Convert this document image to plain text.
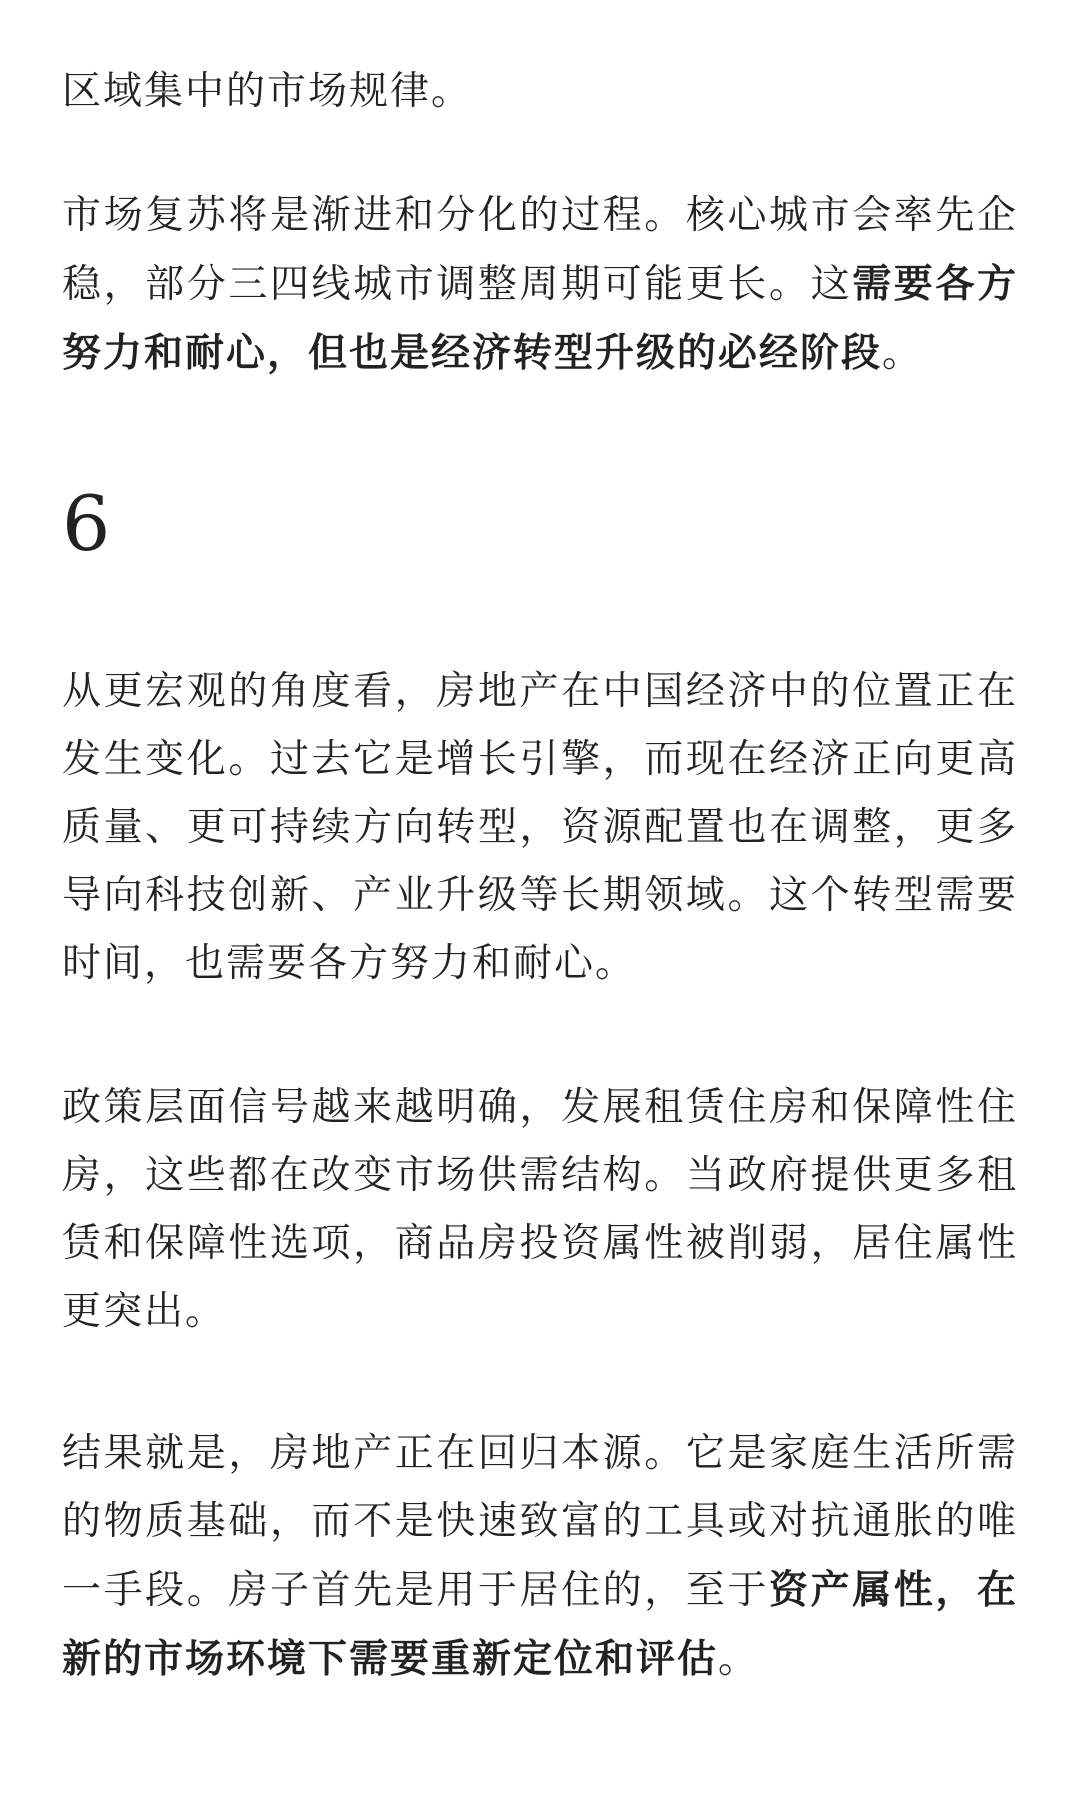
区域集中的市场规律。

市场复苏将是渐进和分化的过程。核心城市会率先企稳，部分三四线城市调整周期可能更长。这需要各方努力和耐心，但也是经济转型升级的必经阶段。

6

从更宏观的角度看，房地产在中国经济中的位置正在发生变化。过去它是增长引擎，而现在经济正向更高质量、更可持续方向转型，资源配置也在调整，更多导向科技创新、产业升级等长期领域。这个转型需要时间，也需要各方努力和耐心。

政策层面信号越来越明确，发展租赁住房和保障性住房，这些都在改变市场供需结构。当政府提供更多租赁和保障性选项，商品房投资属性被削弱，居住属性更突出。

结果就是，房地产正在回归本源。它是家庭生活所需的物质基础，而不是快速致富的工具或对抗通胀的唯一手段。房子首先是用于居住的，至于资产属性，在新的市场环境下需要重新定位和评估。
